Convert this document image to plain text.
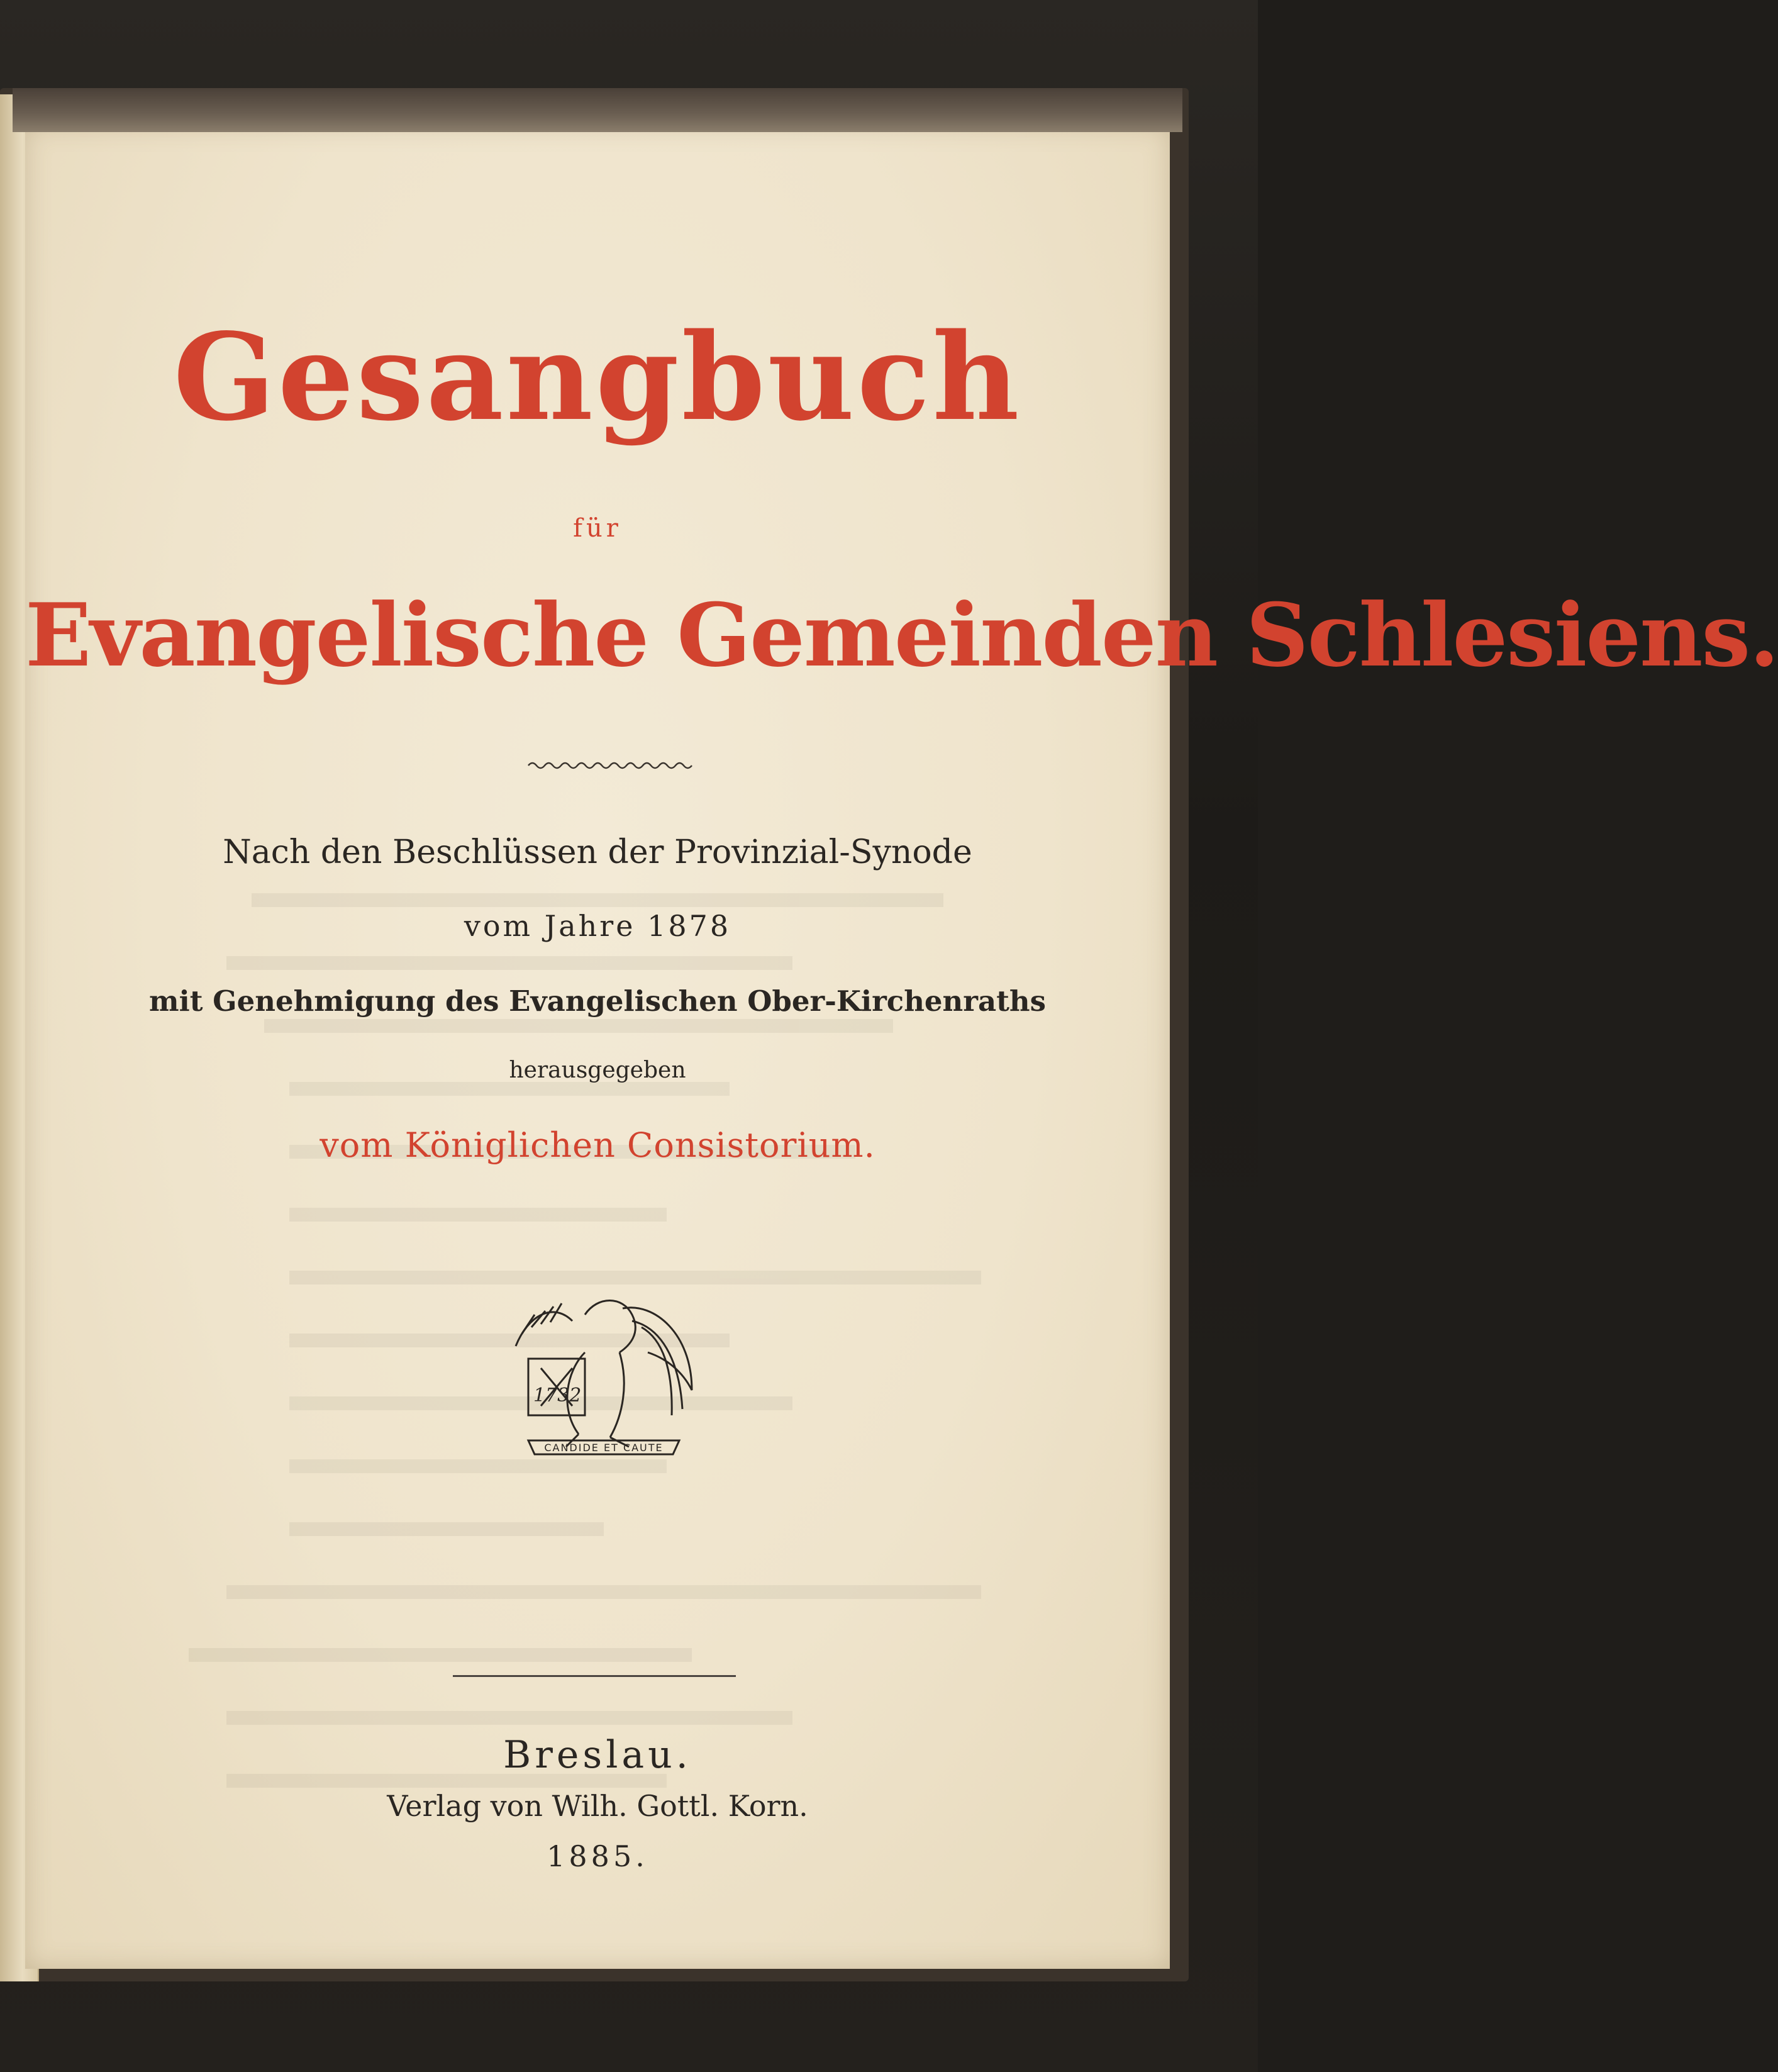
Gesangbuch
für
Evangelische Gemeinden Schlesiens.
Nach den Beschlüssen der Provinzial-Synode
vom Jahre 1878
mit Genehmigung des Evangelischen Ober-Kirchenraths
herausgegeben
vom Königlichen Consistorium.
1732
CANDIDE ET CAUTE
Breslau.
Verlag von Wilh. Gottl. Korn.
1885.
